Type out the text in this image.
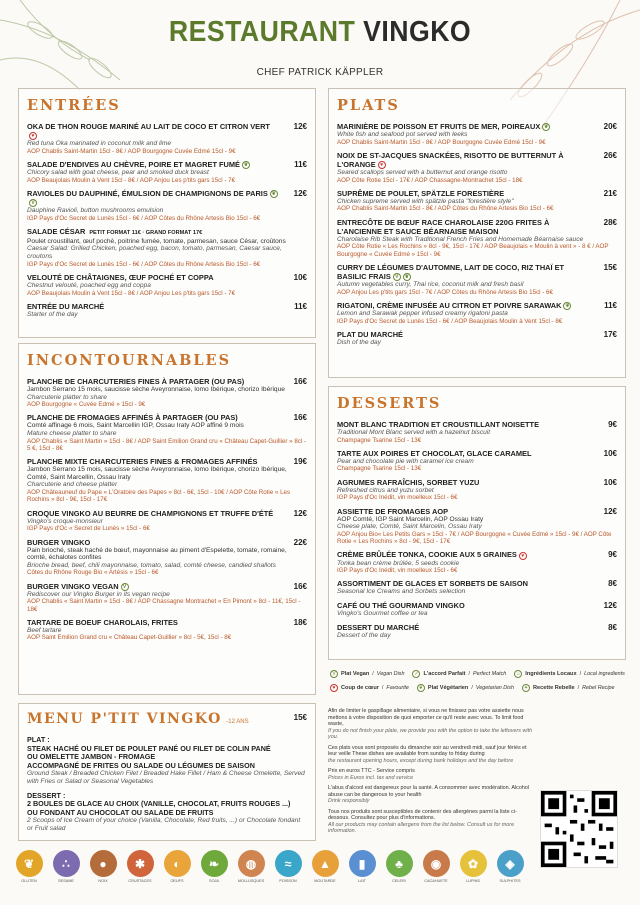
RESTAURANT VINGKO
CHEF PATRICK KÄPPLER
ENTRÉES
OKA DE THON ROUGE MARINÉ AU LAIT DE COCO ET CITRON VERT♥
12€
Red tuna Oka marinated in coconut milk and lime
AOP Chablis Saint-Martin 15cl - 8€ / AOP Bourgogne Cuvée Edmé 15cl - 9€
SALADE D'ENDIVES AU CHÈVRE, POIRE ET MAGRET FUMÉ ❦	11€
Chicory salad with goat cheese, pear and smoked duck breast
AOP Beaujolais Moulin à Vent 15cl - 8€ / AOP Anjou Les p'tits gars 15cl - 7€
RAVIOLES DU DAUPHINÉ, ÉMULSION DE CHAMPIGNONS DE PARIS ❦V
12€
Dauphine Ravioli, button mushrooms emulsion
IGP Pays d'Oc Secret de Lunès 15cl - 6€ / AOP Côtes du Rhône Artesis Bio 15cl - 6€
SALADE CÉSAR PETIT FORMAT 11€ · GRAND FORMAT 17€
Poulet croustillant, œuf poché, poitrine fumée, tomate, parmesan, sauce César, croûtons
Caesar Salad: Grilled Chicken, poached egg, bacon, tomato, parmesan, Caesar sauce, croutons
IGP Pays d'Oc Secret de Lunès 15cl - 6€ / AOP Côtes du Rhône Artesis Bio 15cl - 6€
VELOUTÉ DE CHÂTAIGNES, ŒUF POCHÉ ET COPPA	10€
Chestnut velouté, poached egg and coppa
AOP Beaujolais Moulin à Vent 15cl - 8€ / AOP Anjou Les p'tits gars 15cl - 7€
ENTRÉE DU MARCHÉ	11€
Starter of the day
INCONTOURNABLES
PLANCHE DE CHARCUTERIES FINES À PARTAGER (OU PAS)	16€
Jambon Serrano 15 mois, saucisse sèche Aveyronnaise, lomo Ibérique, chorizo Ibérique
Charcuterie platter to share
AOP Bourgogne « Cuvée Edmé » 15cl - 9€
PLANCHE DE FROMAGES AFFINÉS À PARTAGER (OU PAS)	16€
Comté affinage 6 mois, Saint Marcellin IGP, Ossau Iraty AOP affiné 9 mois
Mature cheese platter to share
AOP Chablis « Saint Martin » 15cl - 8€ / AOP Saint Emilion Grand cru « Château Capet-Guillier » 8cl - 5 €, 15cl - 8€
PLANCHE MIXTE CHARCUTERIES FINES & FROMAGES AFFINÉS	19€
Jambon Serrano 15 mois, saucisse sèche Aveyronnaise, lomo Ibérique, chorizo Ibérique, Comté, Saint Marcellin, Ossau Iraty
Charcuterie and cheese platter
AOP Châteauneuf du Pape « L'Oratoire des Papes » 8cl - 6€, 15cl - 10€ / AOP Côte Rotie « Les Rochins » 8cl - 9€, 15cl - 17€
CROQUE VINGKO AU BEURRE DE CHAMPIGNONS ET TRUFFE D'ÉTÉ	12€
Vingko's croque-monsieur
IGP Pays d'Oc « Secret de Lunès » 15cl - 6€
BURGER VINGKO	22€
Pain brioché, steak haché de bœuf, mayonnaise au piment d'Espelette, tomate, romaine, comté, échalotes confites
Brioche bread, beef, chili mayonnaise, tomato, salad, comté cheese, candied shallots
Côtes du Rhône Rouge Bio « Artésis » 15cl - 6€
BURGER VINGKO VEGAN V	16€
Rediscover our Vingko Burger in its vegan recipe
AOP Chablis « Saint Martin » 15cl - 8€ / AOP Chassagne Montrachet « En Pimont » 8cl - 11€, 15cl - 18€
TARTARE DE BOEUF CHAROLAIS, FRITES	18€
Beef tartare
AOP Saint Emilion Grand cru « Château Capet-Guillier » 8cl - 5€, 15cl - 8€
MENU P'TIT VINGKO -12 ANS	15€
PLAT :
STEAK HACHÉ OU FILET DE POULET PANÉ OU FILET DE COLIN PANÉ
OU OMELETTE JAMBON - FROMAGE
ACCOMPAGNÉ DE FRITES OU SALADE OU LÉGUMES DE SAISON
Ground Steak / Breaded Chicken Filet / Breaded Hake Fillet / Ham & Cheese Omelette, Served with Fries or Salad or Seasonal Vegetables
DESSERT :
2 BOULES DE GLACE AU CHOIX (VANILLE, CHOCOLAT, FRUITS ROUGES ...)
OU FONDANT AU CHOCOLAT OU SALADE DE FRUITS
2 Scoops of Ice Cream of your choice (Vanilla, Chocolate, Red fruits, ...) or Chocolate fondant or Fruit salad
PLATS
MARINIÈRE DE POISSON ET FRUITS DE MER, POIREAUX ❦	20€
White fish and seafood pot served with leeks
AOP Chablis Saint-Martin 15cl - 8€ / AOP Bourgogne Cuvée Edmé 15cl - 9€
NOIX DE ST-JACQUES SNACKÉES, RISOTTO DE BUTTERNUT À L'ORANGE ♥
26€
Seared scallops served with a butternut and orange risotto
AOP Côte Rotie 15cl - 17€ / AOP Chassagne-Montrachet 15cl - 18€
SUPRÊME DE POULET, SPÄTZLE FORESTIÈRE	21€
Chicken supreme served with spätzle pasta "forestière style"
AOP Chablis Saint-Martin 15cl - 8€ / AOP Côtes du Rhône Artesis Bio 15cl - 6€
ENTRECÔTE DE BŒUF RACE CHAROLAISE 220G FRITES À L'ANCIENNE ET SAUCE BÉARNAISE MAISON
28€
Charolaise Rib Steak with Traditional French Fries and Homemade Béarnaise sauce
AOP Côte Rotie « Les Rochins » 8cl - 9€, 15cl - 17€ / AOP Beaujolais « Moulin à vent » - 8 € / AOP Bourgogne « Cuvée Edmé » 15cl - 9€
CURRY DE LÉGUMES D'AUTOMNE, LAIT DE COCO, RIZ THAÏ ET BASILIC FRAIS V ❦
15€
Autumn vegetables curry, Thai rice, coconut milk and fresh basil
AOP Anjou Les p'tits gars 15cl - 7€ / AOP Côtes du Rhône Artesis Bio 15cl - 6€
RIGATONI, CRÈME INFUSÉE AU CITRON ET POIVRE SARAWAK ❦	11€
Lemon and Sarawak pepper infused creamy rigatoni pasta
IGP Pays d'Oc Secret de Lunès 15cl - 6€ / AOP Beaujolais Moulin à Vent 15cl - 8€
PLAT DU MARCHÉ	17€
Dish of the day
DESSERTS
MONT BLANC TRADITION ET CROUSTILLANT NOISETTE	9€
Traditional Mont Blanc served with a hazelnut biscuit
Champagne Tsarine 15cl - 13€
TARTE AUX POIRES ET CHOCOLAT, GLACE CARAMEL	10€
Pear and chocolate pie with caramel ice cream
Champagne Tsarine 15cl - 13€
AGRUMES RAFRAÎCHIS, SORBET YUZU	10€
Refreshed citrus and yuzu sorbet
IGP Pays d'Oc Inédit, vin moelleux 15cl - 6€
ASSIETTE DE FROMAGES AOP	12€
AOP Comté, IGP Saint Marcelin, AOP Ossau Iraty
Cheese plate, Comté, Saint Marcelin, Ossau Iraty
AOP Anjou Bio« Les Petits Gars » 15cl - 7€ / AOP Bourgogne « Cuvée Edmé » 15cl - 9€ / AOP Côte Rotie « Les Rochins » 8cl - 9€, 15cl - 17€
CRÈME BRÛLÉE TONKA, COOKIE AUX 5 GRAINES ♥	9€
Tonka bean crème brûlée, 5 seeds cookie
IGP Pays d'Oc Inédit, vin moelleux 15cl - 6€
ASSORTIMENT DE GLACES ET SORBETS DE SAISON	8€
Seasonal Ice Creams and Sorbets selection
CAFÉ OU THÉ GOURMAND VINGKO	12€
Vingko's Gourmet coffee or tea
DESSERT DU MARCHÉ	8€
Dessert of the day
V Plat Vegan / Vegan Dish	✓ L'accord Parfait / Perfect Match	⌂ Ingrédients Locaux / Local ingredients
♥ Coup de cœur / Favourite	❦ Plat Végétarien / Vegetarian Dish	✦ Recette Rebelle / Rebel Recipe

Afin de limiter le gaspillage alimentaire, si vous ne finissez pas votre assiette nous mettons à votre disposition de quoi emporter ce qu'il reste avec vous. To limit food waste,
If you do not finish your plate, we provide you with the option to take the leftovers with you.

Ces plats vous sont proposés du dimanche soir au vendredi midi, sauf jour fériés et leur veille These dishes are available from sunday to friday during
the restaurant opening hours, except during bank holidays and the day before

Prix en euros TTC - Service compris
Prices in Euros incl. tax and service

L'abus d'alcool est dangereux pour la santé. A consommer avec modération. Alcohol abuse can be dangerous to your health
Drink responsibly

Tous nos produits sont susceptibles de contenir des allergènes parmi la liste ci-dessous. Consultez pour plus d'informations.
All our products may contain allergens from the list below. Consult us for more information.

❦
GLUTEN
∴
SESAME
●
NOIX
✱
CRUSTACES
◐
OEUFS
❧
SOJA
◍
MOLLUSQUES
≈
POISSON
▲
MOUTARDE
▮
LAIT
♣
CELERI
◉
CACAHUETE
✿
LUPINS
◈
SULPHITES
